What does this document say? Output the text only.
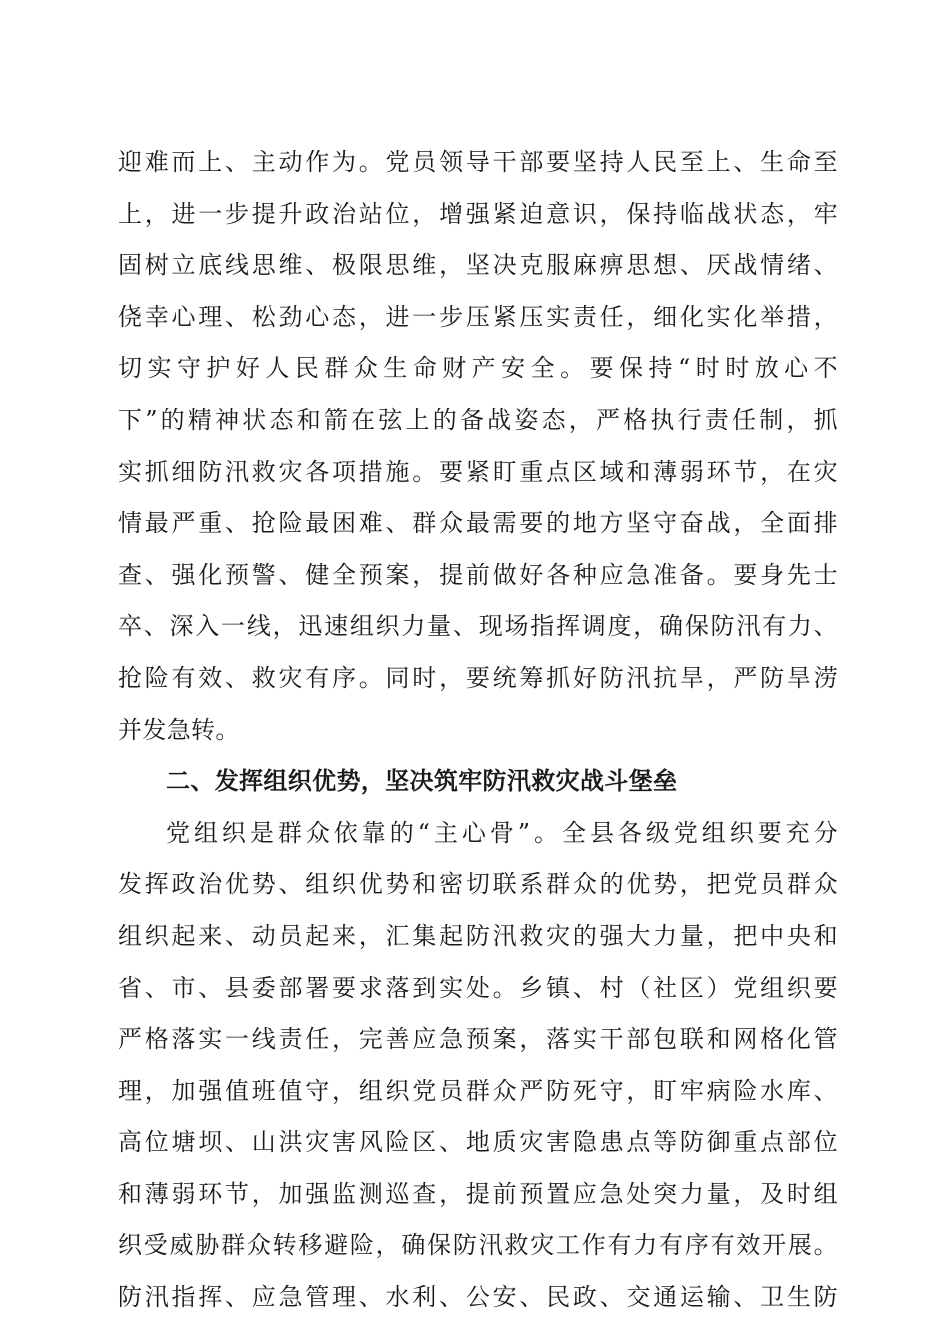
迎难而上、主动作为。党员领导干部要坚持人民至上、生命至
上，进一步提升政治站位，增强紧迫意识，保持临战状态，牢
固树立底线思维、极限思维，坚决克服麻痹思想、厌战情绪、
侥幸心理、松劲心态，进一步压紧压实责任，细化实化举措，
切实守护好人民群众生命财产安全。要保持“时时放心不
下”的精神状态和箭在弦上的备战姿态，严格执行责任制，抓
实抓细防汛救灾各项措施。要紧盯重点区域和薄弱环节，在灾
情最严重、抢险最困难、群众最需要的地方坚守奋战，全面排
查、强化预警、健全预案，提前做好各种应急准备。要身先士
卒、深入一线，迅速组织力量、现场指挥调度，确保防汛有力、
抢险有效、救灾有序。同时，要统筹抓好防汛抗旱，严防旱涝
并发急转。
二、发挥组织优势，坚决筑牢防汛救灾战斗堡垒
党组织是群众依靠的“主心骨”。全县各级党组织要充分
发挥政治优势、组织优势和密切联系群众的优势，把党员群众
组织起来、动员起来，汇集起防汛救灾的强大力量，把中央和
省、市、县委部署要求落到实处。乡镇、村（社区）党组织要
严格落实一线责任，完善应急预案，落实干部包联和网格化管
理，加强值班值守，组织党员群众严防死守，盯牢病险水库、
高位塘坝、山洪灾害风险区、地质灾害隐患点等防御重点部位
和薄弱环节，加强监测巡查，提前预置应急处突力量，及时组
织受威胁群众转移避险，确保防汛救灾工作有力有序有效开展。
防汛指挥、应急管理、水利、公安、民政、交通运输、卫生防
